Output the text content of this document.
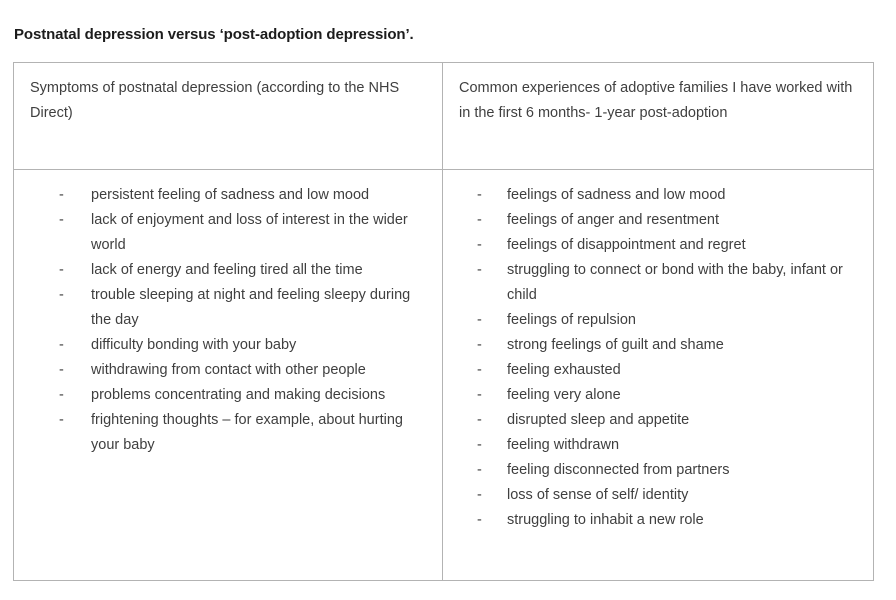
Postnatal depression versus ‘post-adoption depression’.
Symptoms of postnatal depression (according to the NHS Direct)	Common experiences of adoptive families I have worked with in the first 6 months- 1-year post-adoption

- persistent feeling of sadness and low mood
- lack of enjoyment and loss of interest in the wider world
- lack of energy and feeling tired all the time
- trouble sleeping at night and feeling sleepy during the day
- difficulty bonding with your baby
- withdrawing from contact with other people
- problems concentrating and making decisions
- frightening thoughts – for example, about hurting your baby

- feelings of sadness and low mood
- feelings of anger and resentment
- feelings of disappointment and regret
- struggling to connect or bond with the baby, infant or child
- feelings of repulsion
- strong feelings of guilt and shame
- feeling exhausted
- feeling very alone
- disrupted sleep and appetite
- feeling withdrawn
- feeling disconnected from partners
- loss of sense of self/ identity
- struggling to inhabit a new role
